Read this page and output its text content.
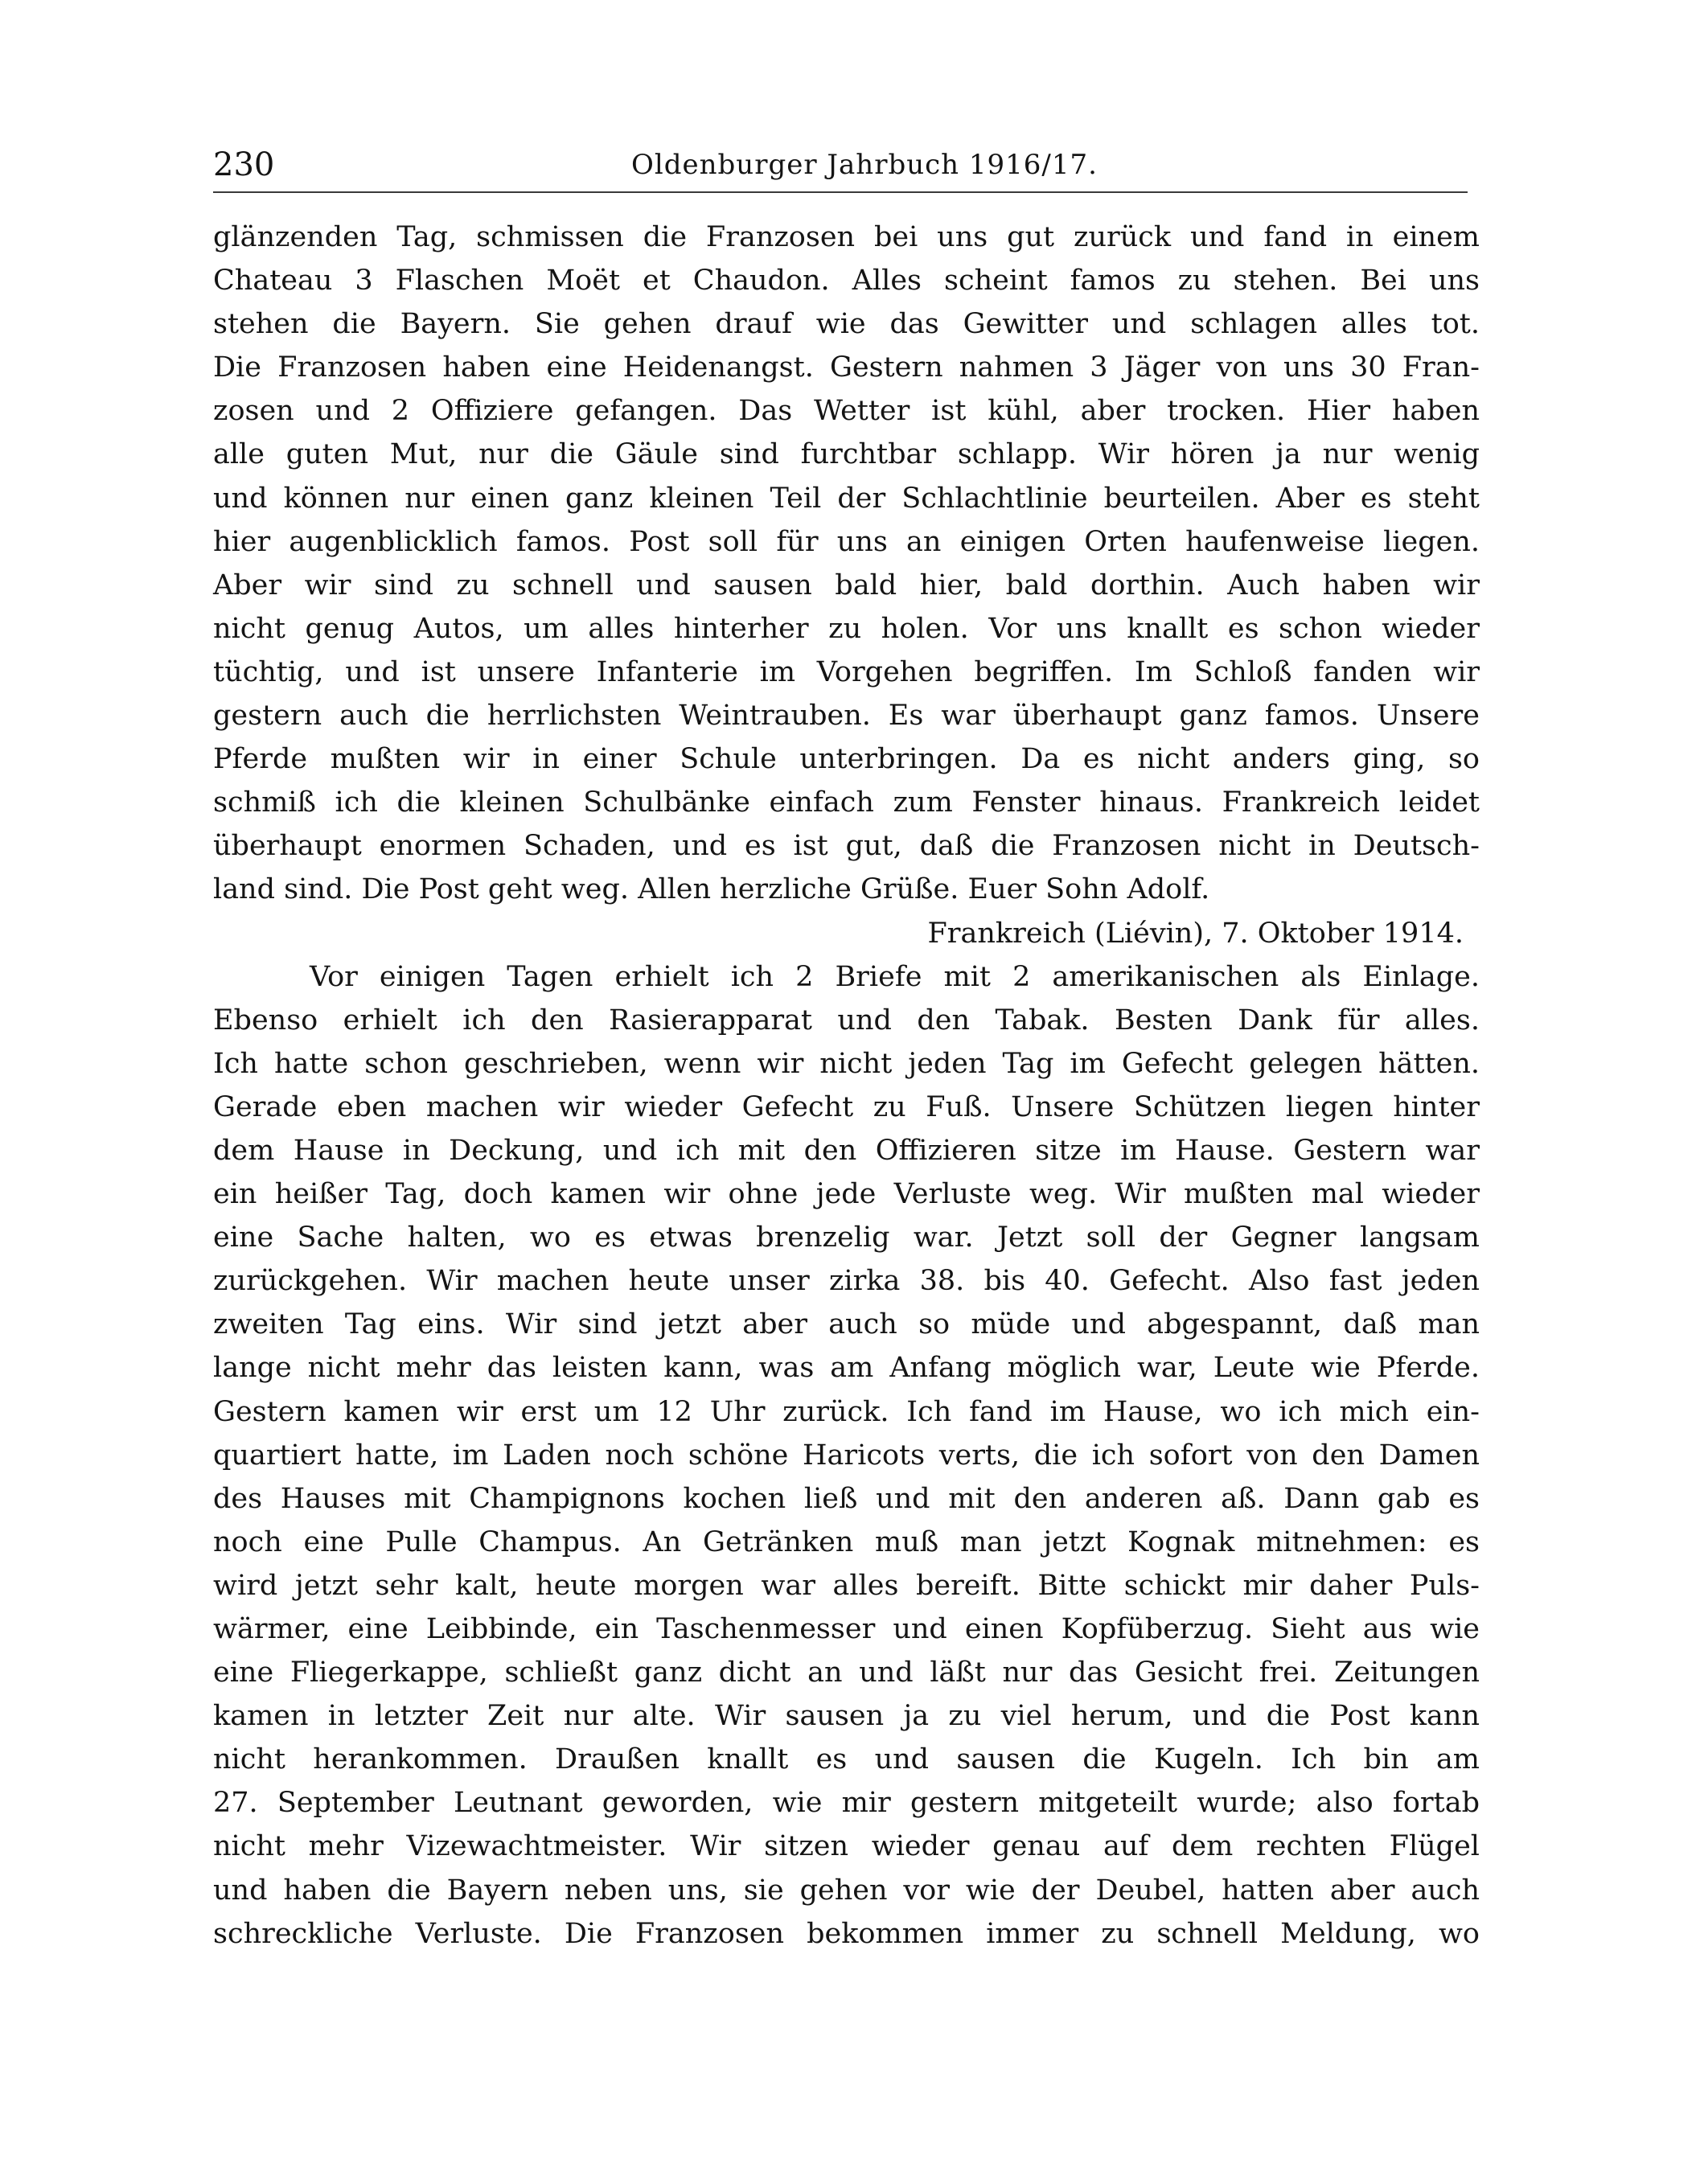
230	Oldenburger Jahrbuch 1916/17.
glänzenden Tag, schmissen die Franzosen bei uns gut zurück und fand in einem
Chateau 3 Flaschen Moët et Chaudon. Alles scheint famos zu stehen. Bei uns
stehen die Bayern. Sie gehen drauf wie das Gewitter und schlagen alles tot.
Die Franzosen haben eine Heidenangst. Gestern nahmen 3 Jäger von uns 30 Fran-
zosen und 2 Offiziere gefangen. Das Wetter ist kühl, aber trocken. Hier haben
alle guten Mut, nur die Gäule sind furchtbar schlapp. Wir hören ja nur wenig
und können nur einen ganz kleinen Teil der Schlachtlinie beurteilen. Aber es steht
hier augenblicklich famos. Post soll für uns an einigen Orten haufenweise liegen.
Aber wir sind zu schnell und sausen bald hier, bald dorthin. Auch haben wir
nicht genug Autos, um alles hinterher zu holen. Vor uns knallt es schon wieder
tüchtig, und ist unsere Infanterie im Vorgehen begriffen. Im Schloß fanden wir
gestern auch die herrlichsten Weintrauben. Es war überhaupt ganz famos. Unsere
Pferde mußten wir in einer Schule unterbringen. Da es nicht anders ging, so
schmiß ich die kleinen Schulbänke einfach zum Fenster hinaus. Frankreich leidet
überhaupt enormen Schaden, und es ist gut, daß die Franzosen nicht in Deutsch-
land sind. Die Post geht weg. Allen herzliche Grüße. Euer Sohn Adolf.
Frankreich (Liévin), 7. Oktober 1914.
Vor einigen Tagen erhielt ich 2 Briefe mit 2 amerikanischen als Einlage.
Ebenso erhielt ich den Rasierapparat und den Tabak. Besten Dank für alles.
Ich hatte schon geschrieben, wenn wir nicht jeden Tag im Gefecht gelegen hätten.
Gerade eben machen wir wieder Gefecht zu Fuß. Unsere Schützen liegen hinter
dem Hause in Deckung, und ich mit den Offizieren sitze im Hause. Gestern war
ein heißer Tag, doch kamen wir ohne jede Verluste weg. Wir mußten mal wieder
eine Sache halten, wo es etwas brenzelig war. Jetzt soll der Gegner langsam
zurückgehen. Wir machen heute unser zirka 38. bis 40. Gefecht. Also fast jeden
zweiten Tag eins. Wir sind jetzt aber auch so müde und abgespannt, daß man
lange nicht mehr das leisten kann, was am Anfang möglich war, Leute wie Pferde.
Gestern kamen wir erst um 12 Uhr zurück. Ich fand im Hause, wo ich mich ein-
quartiert hatte, im Laden noch schöne Haricots verts, die ich sofort von den Damen
des Hauses mit Champignons kochen ließ und mit den anderen aß. Dann gab es
noch eine Pulle Champus. An Getränken muß man jetzt Kognak mitnehmen: es
wird jetzt sehr kalt, heute morgen war alles bereift. Bitte schickt mir daher Puls-
wärmer, eine Leibbinde, ein Taschenmesser und einen Kopfüberzug. Sieht aus wie
eine Fliegerkappe, schließt ganz dicht an und läßt nur das Gesicht frei. Zeitungen
kamen in letzter Zeit nur alte. Wir sausen ja zu viel herum, und die Post kann
nicht herankommen. Draußen knallt es und sausen die Kugeln. Ich bin am
27. September Leutnant geworden, wie mir gestern mitgeteilt wurde; also fortab
nicht mehr Vizewachtmeister. Wir sitzen wieder genau auf dem rechten Flügel
und haben die Bayern neben uns, sie gehen vor wie der Deubel, hatten aber auch
schreckliche Verluste. Die Franzosen bekommen immer zu schnell Meldung, wo
